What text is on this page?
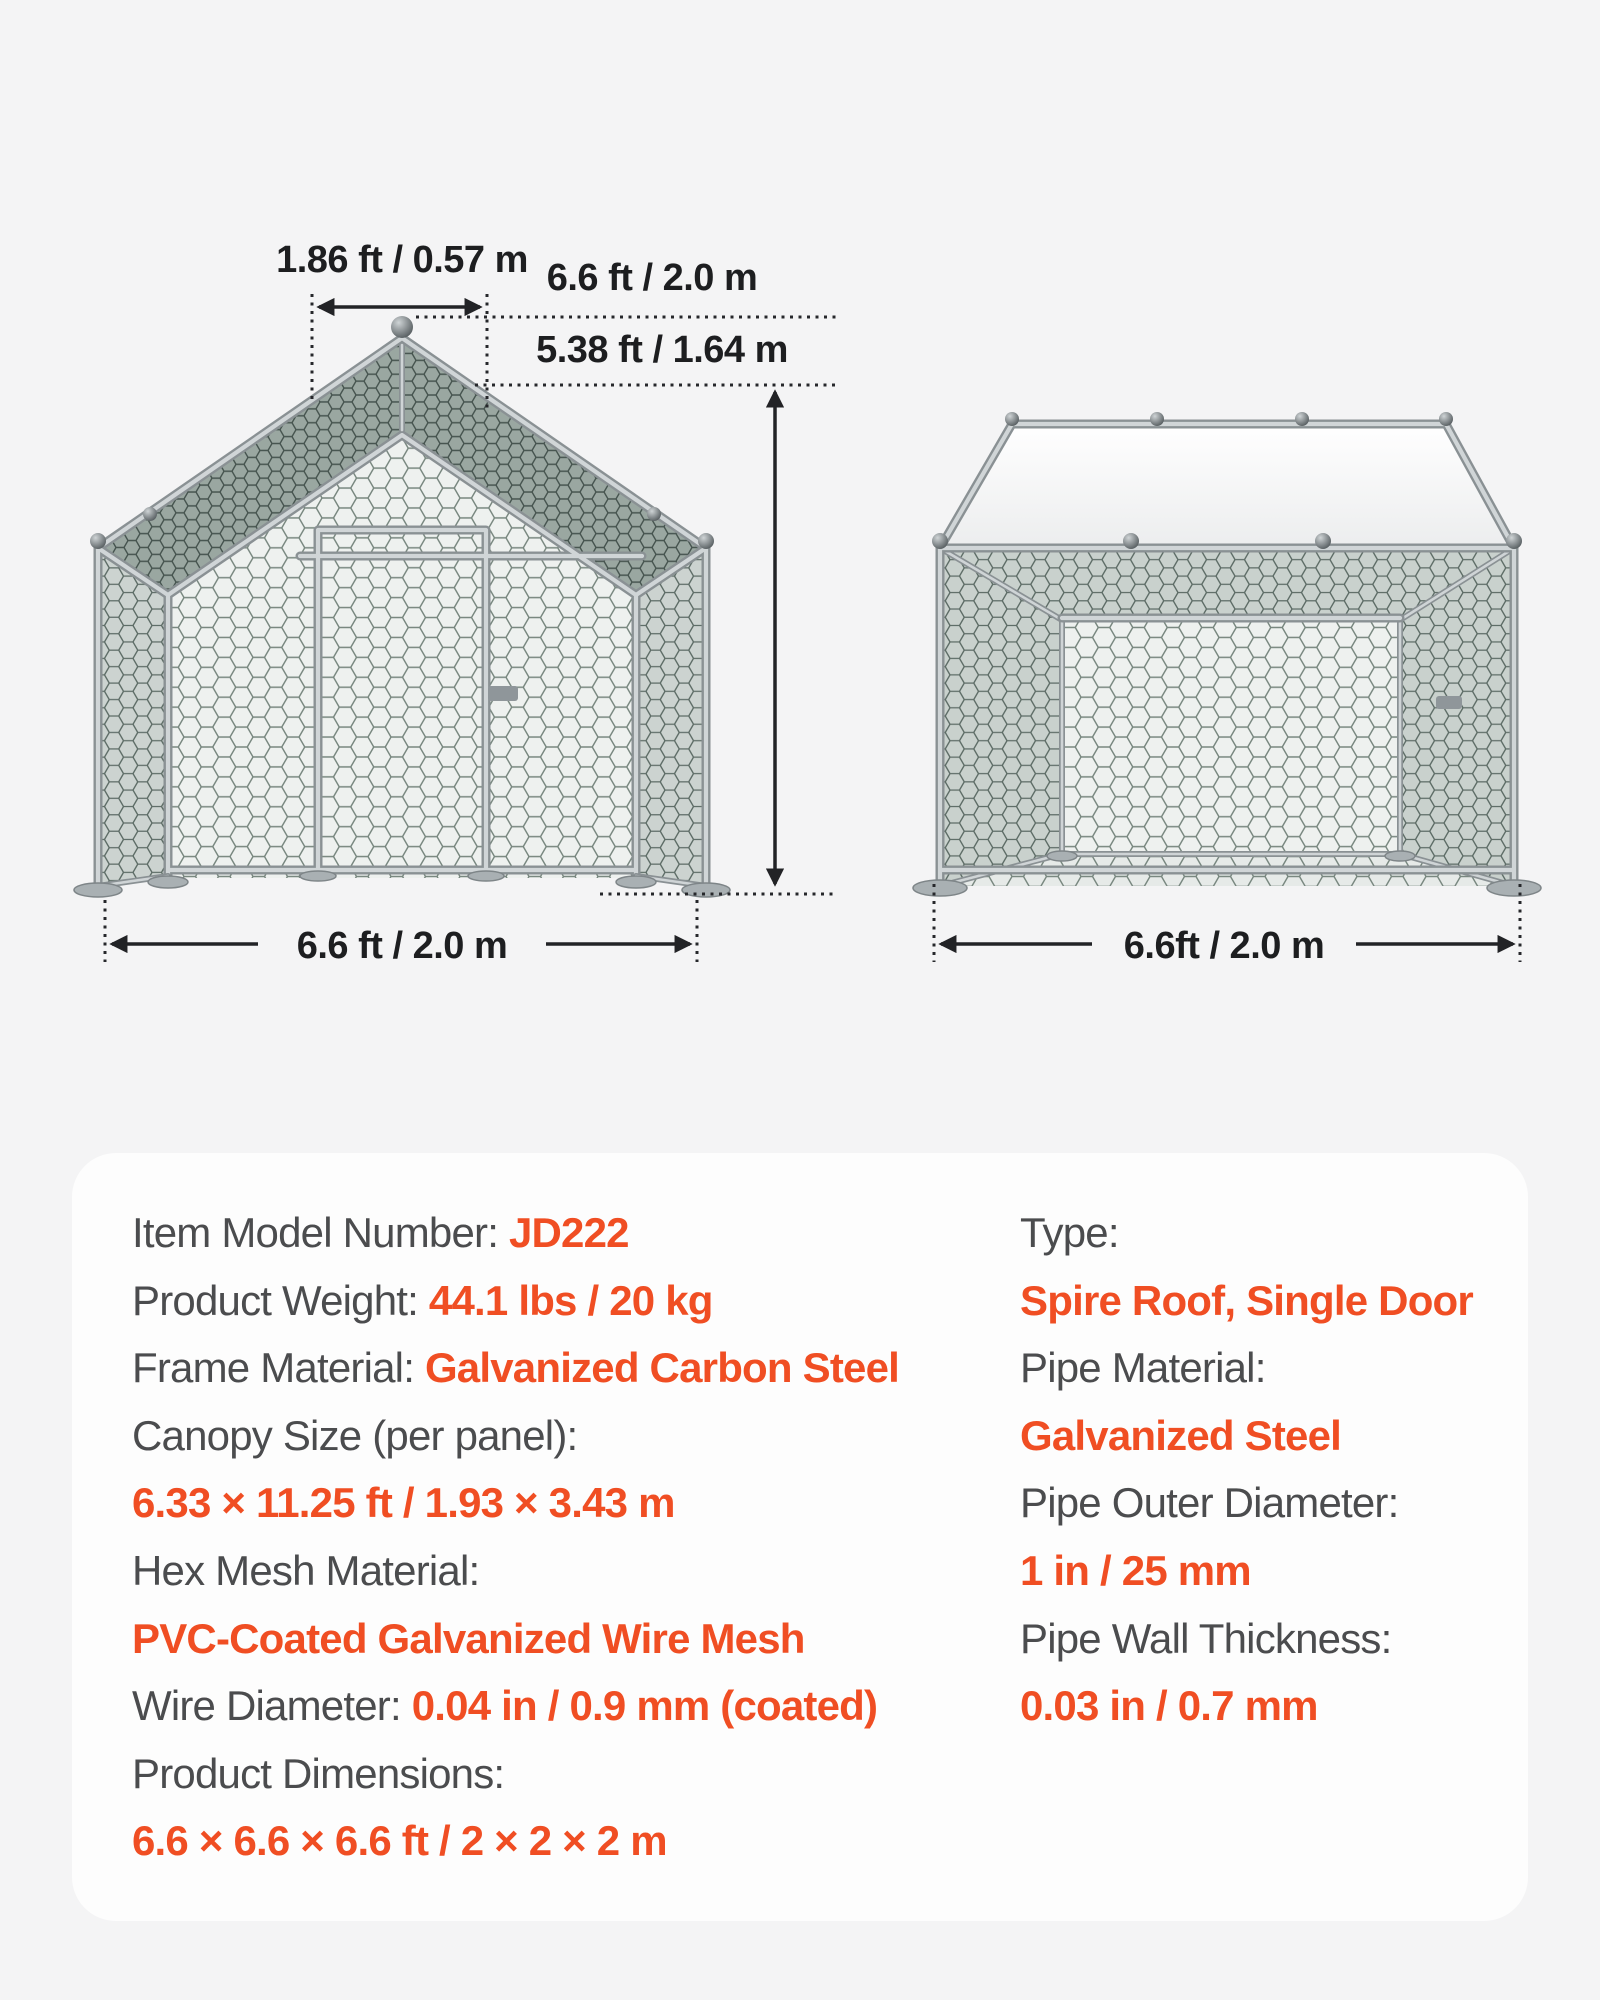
1.86 ft / 0.57 m 6.6 ft / 2.0 m
5.38 ft / 1.64 m
6.6 ft / 2.0 m	6.6ft / 2.0 m
Item Model Number: JD222
Product Weight: 44.1 lbs / 20 kg
Frame Material: Galvanized Carbon Steel
Canopy Size (per panel):
6.33 × 11.25 ft / 1.93 × 3.43 m
Hex Mesh Material:
PVC-Coated Galvanized Wire Mesh
Wire Diameter: 0.04 in / 0.9 mm (coated)
Product Dimensions:
6.6 × 6.6 × 6.6 ft / 2 × 2 × 2 m
Type:
Spire Roof, Single Door
Pipe Material:
Galvanized Steel
Pipe Outer Diameter:
1 in / 25 mm
Pipe Wall Thickness:
0.03 in / 0.7 mm
